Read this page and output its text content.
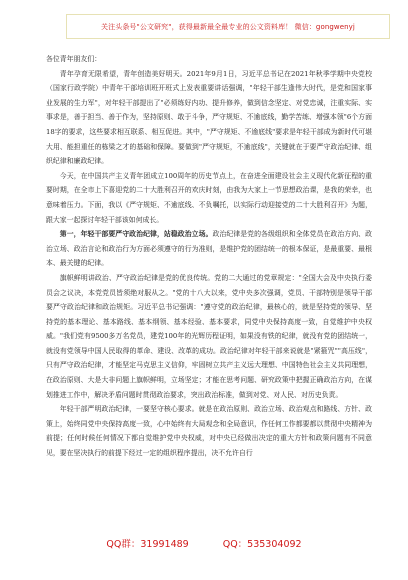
关注头条号"公文研究"，获得最新最全最专业的公文资料库！ 微信：gongwenyj

各位青年朋友们：

青年孕育无限希望，青年创造美好明天。2021年9月1日，习近平总书记在2021年秋季学期中央党校（国家行政学院）中青年干部培训班开班式上发表重要讲话强调，"年轻干部生逢伟大时代，是党和国家事业发展的生力军"，对年轻干部提出了"必须练好内功、提升修养，做到信念坚定、对党忠诚，注重实际、实事求是，善于担当、善于作为，坚持原则、敢于斗争，严守规矩、不逾底线，勤学苦练、增强本领"6个方面18字的要求，这些要求相互联系、相互促进。其中，"严守规矩、不逾底线"要求是年轻干部成为新时代可堪大用、能担重任的栋梁之才的基础和保障。要做到"严守规矩，不逾底线"，关键就在于要严守政治纪律、组织纪律和廉政纪律。

今天，在中国共产主义青年团成立100周年的历史节点上，在奋进全面建设社会主义现代化新征程的重要时期，在全市上下喜迎党的二十大胜利召开的欢庆时刻，由我为大家上一节思想政治课，是我的荣幸，也意味着压力。下面，我以《严守规矩、不逾底线、不负嘱托，以实际行动迎接党的二十大胜利召开》为题，跟大家一起探讨年轻干部该如何成长。

第一，年轻干部要严守政治纪律，站稳政治立场。政治纪律是党的各级组织和全体党员在政治方向、政治立场、政治言论和政治行为方面必须遵守的行为准则，是维护党的团结统一的根本保证，是最重要、最根本、最关键的纪律。

旗帜鲜明讲政治、严守政治纪律是党的优良传统。党的二大通过的党章规定："全国大会及中央执行委员会之议决，本党党员皆须绝对服从之。"党的十八大以来，党中央多次强调，党员、干部特别是领导干部要严守政治纪律和政治规矩。习近平总书记强调："遵守党的政治纪律，最核心的，就是坚持党的领导、坚持党的基本理论、基本路线、基本纲领、基本经验、基本要求，同党中央保持高度一致，自觉维护中央权威。"我们党有9500多万名党员，建党100年的光辉历程证明，如果没有铁的纪律，就没有党的团结统一，就没有党领导中国人民取得的革命、建设、改革的成功。政治纪律对年轻干部来说就是"紧箍咒""高压线"，只有严守政治纪律，才能坚定马克思主义信仰，牢固树立共产主义远大理想、中国特色社会主义共同理想，在政治原则、大是大非问题上旗帜鲜明，立场坚定；才能在思考问题、研究政策中把握正确政治方向，在谋划推进工作中，解决矛盾问题时贯彻政治要求，突出政治标准，做到对党、对人民、对历史负责。

年轻干部严明政治纪律，一要坚守核心要求。就是在政治原则、政治立场、政治观点和路线、方针、政策上，始终同党中央保持高度一致，心中始终有大局观念和全局意识，作任何工作都要都以贯彻中央精神为前提；任何时候任何情况下都自觉维护党中央权威，对中央已经做出决定的重大方针和政策问题有不同意见，要在坚决执行的前提下经过一定的组织程序提出，决不允许自行

QQ群：31991489	QQ：535304092
